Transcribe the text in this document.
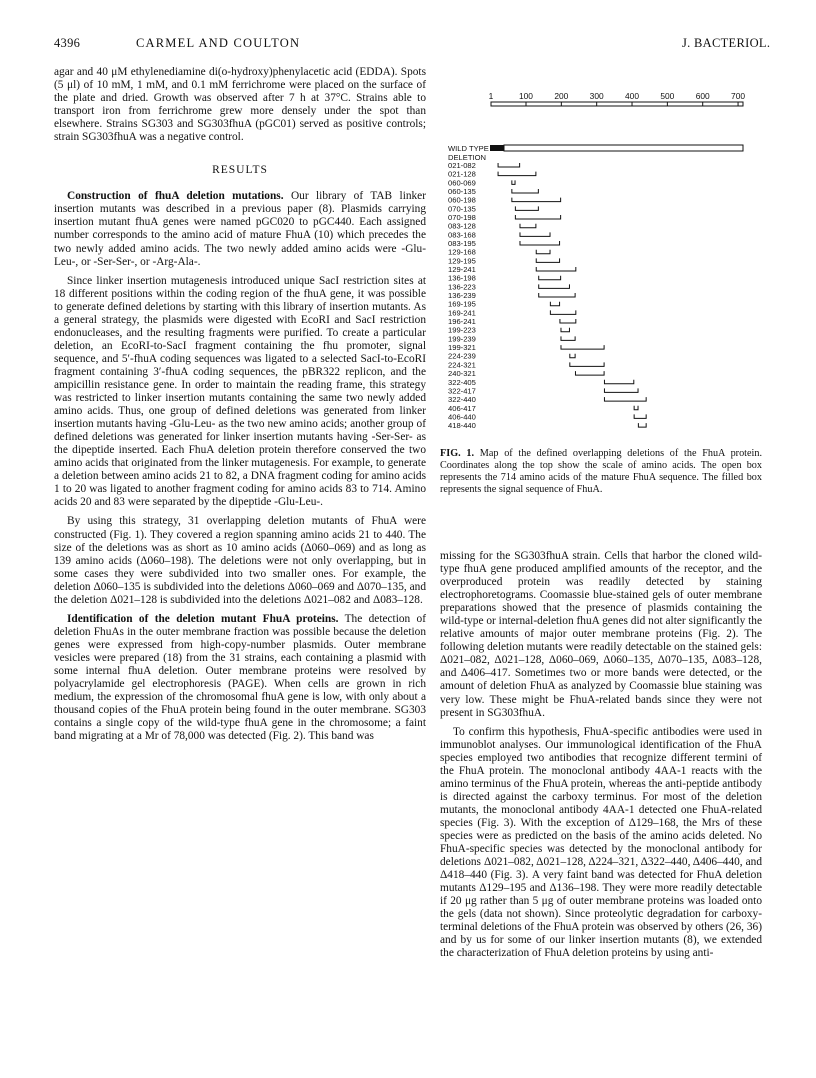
4396	CARMEL AND COULTON	J. BACTERIOL.

agar and 40 μM ethylenediamine di(o-hydroxy)phenylacetic acid (EDDA). Spots (5 μl) of 10 mM, 1 mM, and 0.1 mM ferrichrome were placed on the surface of the plate and dried. Growth was observed after 7 h at 37°C. Strains able to transport iron from ferrichrome grew more densely under the spot than elsewhere. Strains SG303 and SG303fhuA (pGC01) served as positive controls; strain SG303fhuA was a negative control.

RESULTS

Construction of fhuA deletion mutations. Our library of TAB linker insertion mutants was described in a previous paper (8). Plasmids carrying insertion mutant fhuA genes were named pGC020 to pGC440. Each assigned number corresponds to the amino acid of mature FhuA (10) which precedes the two newly added amino acids. The two newly added amino acids were -Glu-Leu-, or -Ser-Ser-, or -Arg-Ala-.

Since linker insertion mutagenesis introduced unique SacI restriction sites at 18 different positions within the coding region of the fhuA gene, it was possible to generate defined deletions by starting with this library of insertion mutants. As a general strategy, the plasmids were digested with EcoRI and SacI restriction endonucleases, and the resulting fragments were purified. To create a particular deletion, an EcoRI-to-SacI fragment containing the fhu promoter, signal sequence, and 5′-fhuA coding sequences was ligated to a selected SacI-to-EcoRI fragment containing 3′-fhuA coding sequences, the pBR322 replicon, and the ampicillin resistance gene. In order to maintain the reading frame, this strategy was restricted to linker insertion mutants containing the same two newly added amino acids. Thus, one group of defined deletions was generated from linker insertion mutants having -Glu-Leu- as the two new amino acids; another group of defined deletions was generated for linker insertion mutants having -Ser-Ser- as the dipeptide inserted. Each FhuA deletion protein therefore conserved the two amino acids that originated from the linker mutagenesis. For example, to generate a deletion between amino acids 21 to 82, a DNA fragment coding for amino acids 1 to 20 was ligated to another fragment coding for amino acids 83 to 714. Amino acids 20 and 83 were separated by the dipeptide -Glu-Leu-.

By using this strategy, 31 overlapping deletion mutants of FhuA were constructed (Fig. 1). They covered a region spanning amino acids 21 to 440. The size of the deletions was as short as 10 amino acids (Δ060–069) and as long as 139 amino acids (Δ060–198). The deletions were not only overlapping, but in some cases they were subdivided into two smaller ones. For example, the deletion Δ060–135 is subdivided into the deletions Δ060–069 and Δ070–135, and the deletion Δ021–128 is subdivided into the deletions Δ021–082 and Δ083–128.

Identification of the deletion mutant FhuA proteins. The detection of deletion FhuAs in the outer membrane fraction was possible because the deletion genes were expressed from high-copy-number plasmids. Outer membrane vesicles were prepared (18) from the 31 strains, each containing a plasmid with some internal fhuA deletion. Outer membrane proteins were resolved by polyacrylamide gel electrophoresis (PAGE). When cells are grown in rich medium, the expression of the chromosomal fhuA gene is low, with only about a thousand copies of the FhuA protein being found in the outer membrane. SG303 contains a single copy of the wild-type fhuA gene in the chromosome; a faint band migrating at a Mr of 78,000 was detected (Fig. 2). This band was

1	100	200	300	400	500	600	700
WILD TYPE
DELETION
021-082
021-128
060-069
060-135
060-198
070-135
070-198
083-128
083-168
083-195
129-168
129-195
129-241
136-198
136-223
136-239
169-195
169-241
196-241
199-223
199-239
199-321
224-239
224-321
240-321
322-405
322-417
322-440
406-417
406-440
418-440
FIG. 1. Map of the defined overlapping deletions of the FhuA protein. Coordinates along the top show the scale of amino acids. The open box represents the 714 amino acids of the mature FhuA sequence. The filled box represents the signal sequence of FhuA.

missing for the SG303fhuA strain. Cells that harbor the cloned wild-type fhuA gene produced amplified amounts of the receptor, and the overproduced protein was readily detected by staining electrophoretograms. Coomassie blue-stained gels of outer membrane preparations showed that the presence of plasmids containing the wild-type or internal-deletion fhuA genes did not alter significantly the relative amounts of major outer membrane proteins (Fig. 2). The following deletion mutants were readily detectable on the stained gels: Δ021–082, Δ021–128, Δ060–069, Δ060–135, Δ070–135, Δ083–128, and Δ406–417. Sometimes two or more bands were detected, or the amount of deletion FhuA as analyzed by Coomassie blue staining was very low. These might be FhuA-related bands since they were not present in SG303fhuA.

To confirm this hypothesis, FhuA-specific antibodies were used in immunoblot analyses. Our immunological identification of the FhuA species employed two antibodies that recognize different termini of the FhuA protein. The monoclonal antibody 4AA-1 reacts with the amino terminus of the FhuA protein, whereas the anti-peptide antibody is directed against the carboxy terminus. For most of the deletion mutants, the monoclonal antibody 4AA-1 detected one FhuA-related species (Fig. 3). With the exception of Δ129–168, the Mrs of these species were as predicted on the basis of the amino acids deleted. No FhuA-specific species was detected by the monoclonal antibody for deletions Δ021–082, Δ021–128, Δ224–321, Δ322–440, Δ406–440, and Δ418–440 (Fig. 3). A very faint band was detected for FhuA deletion mutants Δ129–195 and Δ136–198. They were more readily detectable if 20 μg rather than 5 μg of outer membrane proteins was loaded onto the gels (data not shown). Since proteolytic degradation for carboxy-terminal deletions of the FhuA protein was observed by others (26, 36) and by us for some of our linker insertion mutants (8), we extended the characterization of FhuA deletion proteins by using anti-
